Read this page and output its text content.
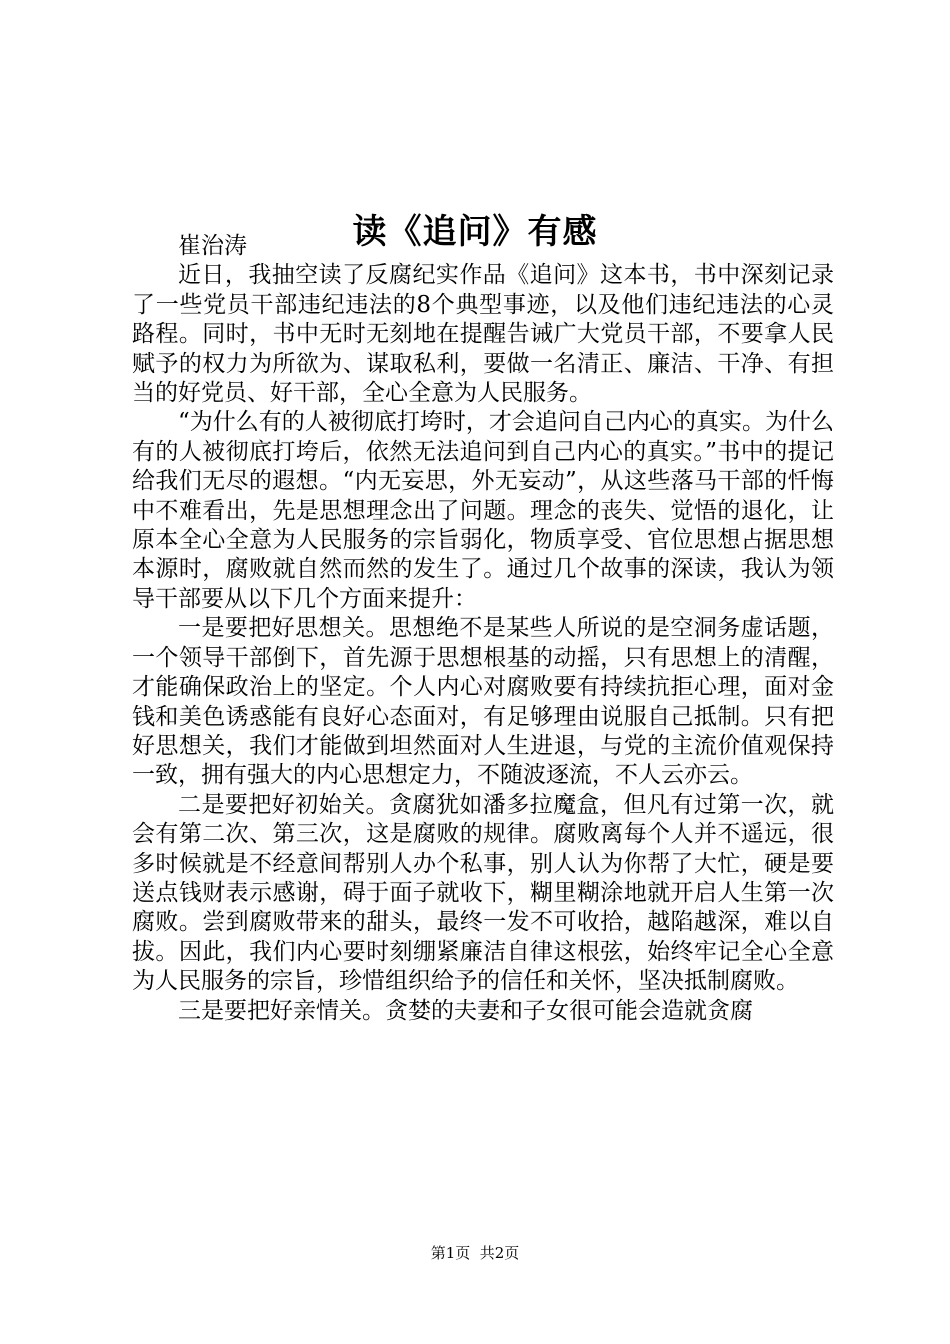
读《追问》有感

崔治涛

近日，我抽空读了反腐纪实作品《追问》这本书，书中深刻记录了一些党员干部违纪违法的8个典型事迹，以及他们违纪违法的心灵路程。同时，书中无时无刻地在提醒告诫广大党员干部，不要拿人民赋予的权力为所欲为、谋取私利，要做一名清正、廉洁、干净、有担当的好党员、好干部，全心全意为人民服务。

“为什么有的人被彻底打垮时，才会追问自己内心的真实。为什么有的人被彻底打垮后，依然无法追问到自己内心的真实。”书中的提记给我们无尽的遐想。“内无妄思，外无妄动”，从这些落马干部的忏悔中不难看出，先是思想理念出了问题。理念的丧失、觉悟的退化，让原本全心全意为人民服务的宗旨弱化，物质享受、官位思想占据思想本源时，腐败就自然而然的发生了。通过几个故事的深读，我认为领导干部要从以下几个方面来提升：

一是要把好思想关。思想绝不是某些人所说的是空洞务虚话题，一个领导干部倒下，首先源于思想根基的动摇，只有思想上的清醒，才能确保政治上的坚定。个人内心对腐败要有持续抗拒心理，面对金钱和美色诱惑能有良好心态面对，有足够理由说服自己抵制。只有把好思想关，我们才能做到坦然面对人生进退，与党的主流价值观保持一致，拥有强大的内心思想定力，不随波逐流，不人云亦云。

二是要把好初始关。贪腐犹如潘多拉魔盒，但凡有过第一次，就会有第二次、第三次，这是腐败的规律。腐败离每个人并不遥远，很多时候就是不经意间帮别人办个私事，别人认为你帮了大忙，硬是要送点钱财表示感谢，碍于面子就收下，糊里糊涂地就开启人生第一次腐败。尝到腐败带来的甜头，最终一发不可收拾，越陷越深，难以自拔。因此，我们内心要时刻绷紧廉洁自律这根弦，始终牢记全心全意为人民服务的宗旨，珍惜组织给予的信任和关怀，坚决抵制腐败。

三是要把好亲情关。贪婪的夫妻和子女很可能会造就贪腐

第1页  共2页
